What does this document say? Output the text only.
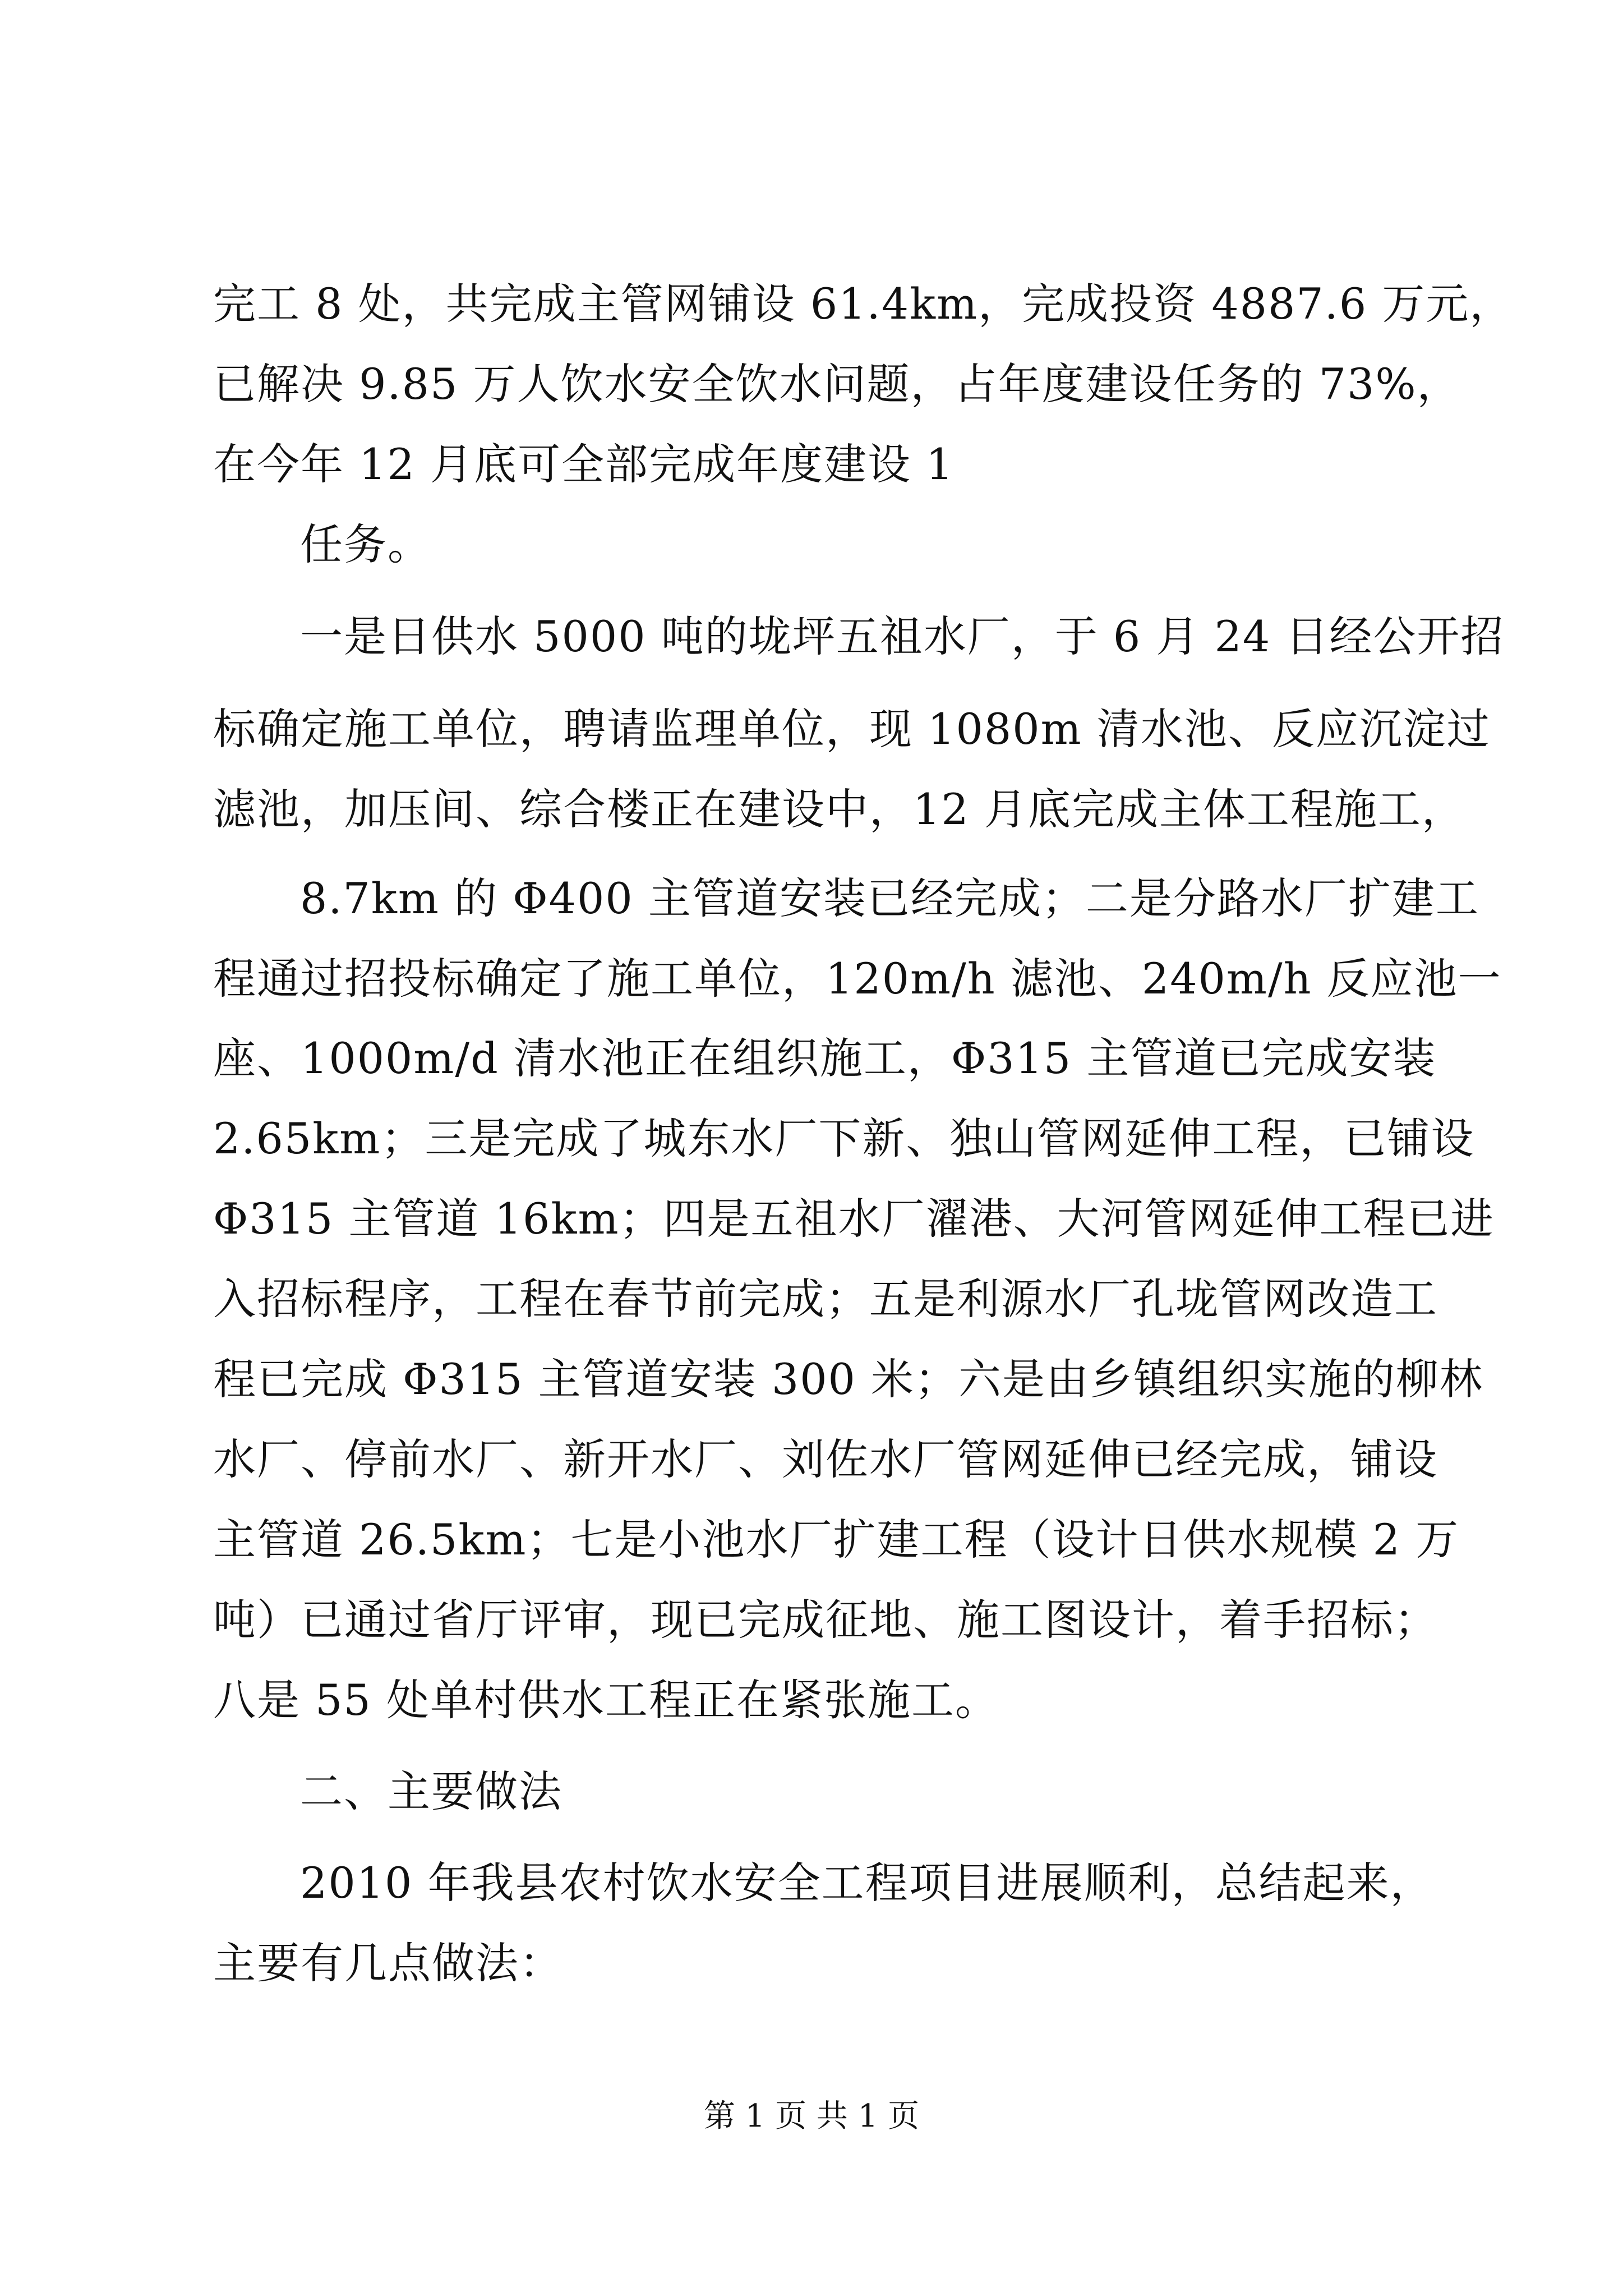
完工 8 处，共完成主管网铺设 61.4km，完成投资 4887.6 万元，
已解决 9.85 万人饮水安全饮水问题，占年度建设任务的 73%，
在今年 12 月底可全部完成年度建设 1
任务。
一是日供水 5000 吨的垅坪五祖水厂，于 6 月 24 日经公开招
标确定施工单位，聘请监理单位，现 1080m 清水池、反应沉淀过
滤池，加压间、综合楼正在建设中，12 月底完成主体工程施工，
8.7km 的 Φ400 主管道安装已经完成；二是分路水厂扩建工
程通过招投标确定了施工单位，120m/h 滤池、240m/h 反应池一
座、1000m/d 清水池正在组织施工，Φ315 主管道已完成安装
2.65km；三是完成了城东水厂下新、独山管网延伸工程，已铺设
Φ315 主管道 16km；四是五祖水厂濯港、大河管网延伸工程已进
入招标程序，工程在春节前完成；五是利源水厂孔垅管网改造工
程已完成 Φ315 主管道安装 300 米；六是由乡镇组织实施的柳林
水厂、停前水厂、新开水厂、刘佐水厂管网延伸已经完成，铺设
主管道 26.5km；七是小池水厂扩建工程（设计日供水规模 2 万
吨）已通过省厅评审，现已完成征地、施工图设计，着手招标；
八是 55 处单村供水工程正在紧张施工。
二、主要做法
2010 年我县农村饮水安全工程项目进展顺利，总结起来，
主要有几点做法：
第 1 页 共 1 页
